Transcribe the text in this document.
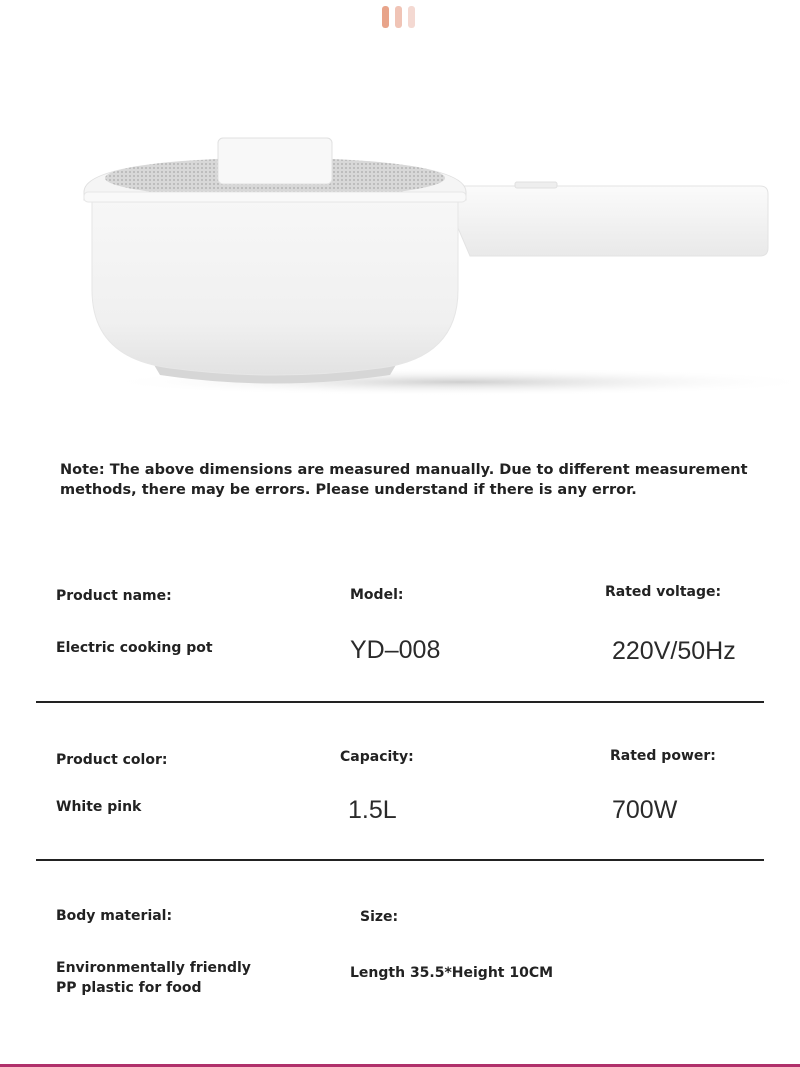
Note: The above dimensions are measured manually. Due to different measurement methods, there may be errors. Please understand if there is any error.
Product name:
Electric cooking pot
Model:
YD–008
Rated voltage:
220V/50Hz
Product color:
White pink
Capacity:
1.5L
Rated power:
700W
Body material:
Environmentally friendly
PP plastic for food
Size:
Length 35.5*Height 10CM
